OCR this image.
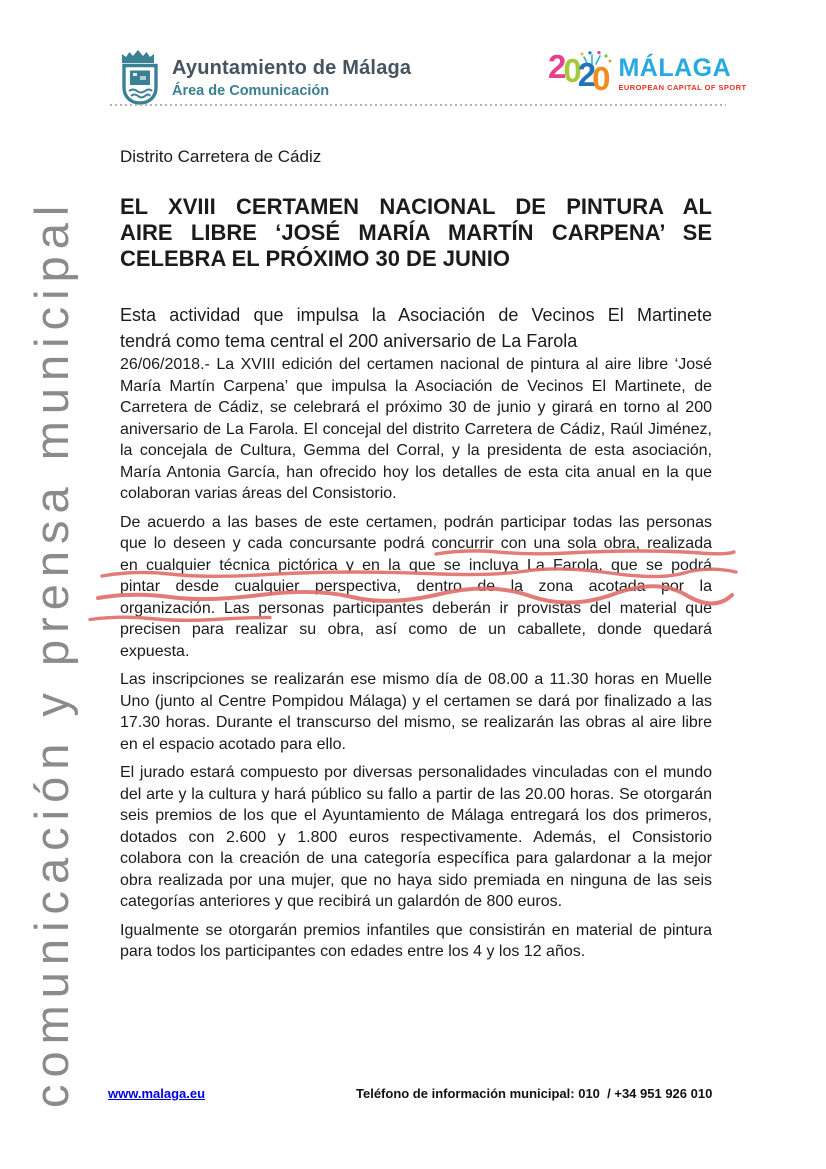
comunicación y prensa municipal
Ayuntamiento de Málaga
Área de Comunicación
2
0
2
0 MÁLAGA
EUROPEAN CAPITAL OF SPORT

Distrito Carretera de Cádiz

EL XVIII CERTAMEN NACIONAL DE PINTURA AL
AIRE LIBRE ‘JOSÉ MARÍA MARTÍN CARPENA’ SE
CELEBRA EL PRÓXIMO 30 DE JUNIO
Esta actividad que impulsa la Asociación de Vecinos El Martinete
tendrá como tema central el 200 aniversario de La Farola

26/06/2018.- La XVIII edición del certamen nacional de pintura al aire libre ‘José María Martín Carpena’ que impulsa la Asociación de Vecinos El Martinete, de Carretera de Cádiz, se celebrará el próximo 30 de junio y girará en torno al 200 aniversario de La Farola. El concejal del distrito Carretera de Cádiz, Raúl Jiménez, la concejala de Cultura, Gemma del Corral, y la presidenta de esta asociación, María Antonia García, han ofrecido hoy los detalles de esta cita anual en la que colaboran varias áreas del Consistorio.

De acuerdo a las bases de este certamen, podrán participar todas las personas
que lo deseen y cada concursante podrá concurrir con una sola obra, realizada
en cualquier técnica pictórica y en la que se incluya La Farola, que se podrá
pintar desde cualquier perspectiva, dentro de la zona acotada por la
organización. Las personas participantes deberán ir provistas del material que
precisen para realizar su obra, así como de un caballete, donde quedará
expuesta.

Las inscripciones se realizarán ese mismo día de 08.00 a 11.30 horas en Muelle Uno (junto al Centre Pompidou Málaga) y el certamen se dará por finalizado a las 17.30 horas. Durante el transcurso del mismo, se realizarán las obras al aire libre en el espacio acotado para ello.

El jurado estará compuesto por diversas personalidades vinculadas con el mundo del arte y la cultura y hará público su fallo a partir de las 20.00 horas. Se otorgarán seis premios de los que el Ayuntamiento de Málaga entregará los dos primeros, dotados con 2.600 y 1.800 euros respectivamente. Además, el Consistorio colabora con la creación de una categoría específica para galardonar a la mejor obra realizada por una mujer, que no haya sido premiada en ninguna de las seis categorías anteriores y que recibirá un galardón de 800 euros.

Igualmente se otorgarán premios infantiles que consistirán en material de pintura para todos los participantes con edades entre los 4 y los 12 años.

www.malaga.eu	Teléfono de información municipal: 010  / +34 951 926 010
